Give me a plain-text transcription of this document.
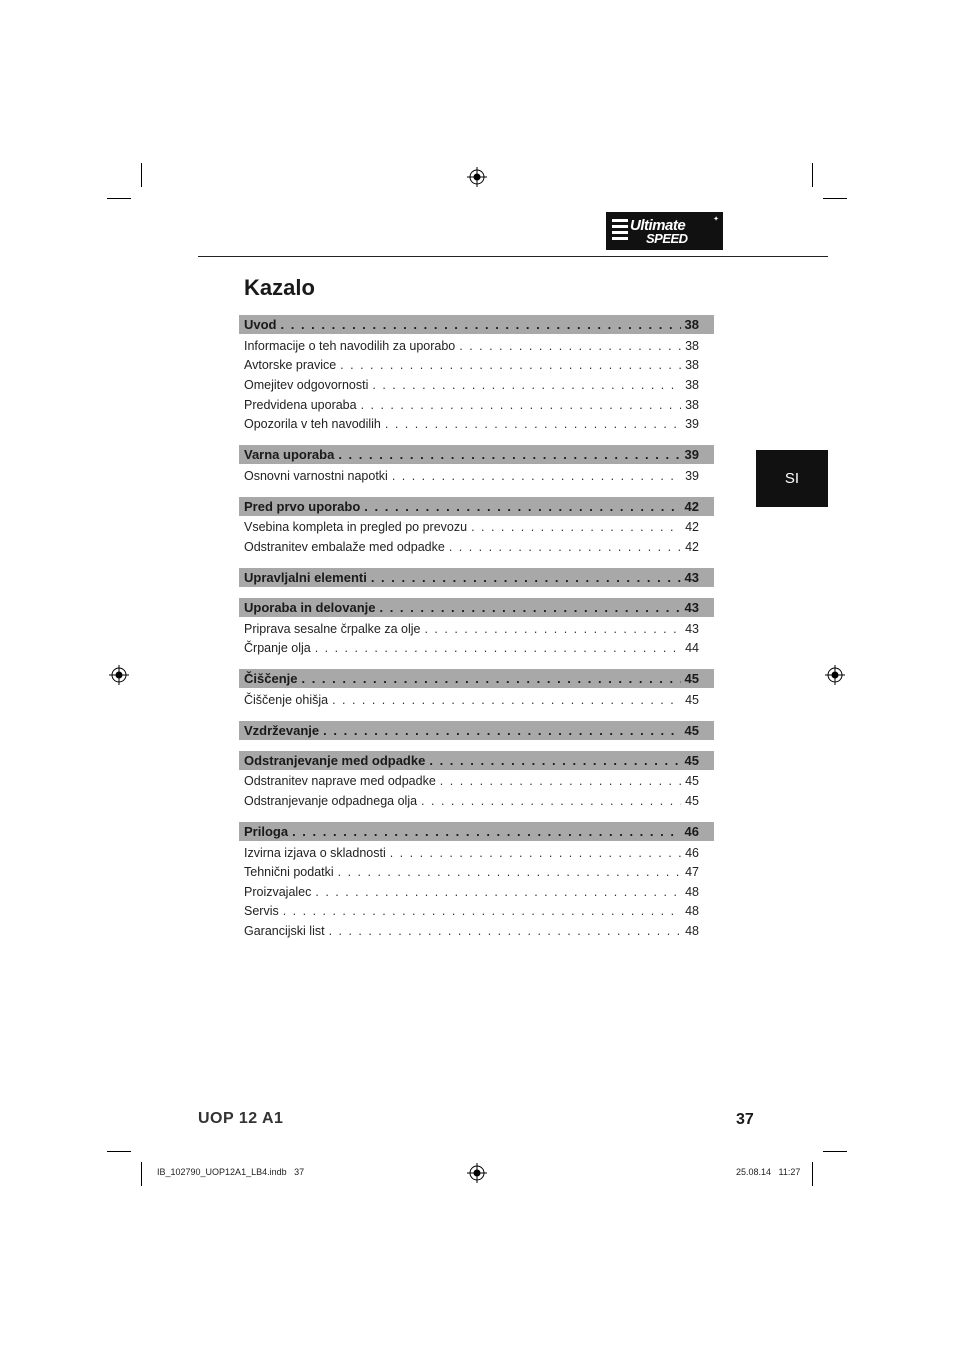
Ultimate
SPEED
✦
Kazalo
Uvod . . .	38
Informacije o teh navodilih za uporabo . . .	38
Avtorske pravice . . .	38
Omejitev odgovornosti . . .	38
Predvidena uporaba . . .	38
Opozorila v teh navodilih . . .	39
Varna uporaba . . .	39
Osnovni varnostni napotki . . .	39
Pred prvo uporabo . . .	42
Vsebina kompleta in pregled po prevozu . . .	42
Odstranitev embalaže med odpadke . . .	42
Upravljalni elementi . . .	43
Uporaba in delovanje . . .	43
Priprava sesalne črpalke za olje . . .	43
Črpanje olja . . .	44
Čiščenje . . .	45
Čiščenje ohišja . . .	45
Vzdrževanje . . .	45
Odstranjevanje med odpadke . . .	45
Odstranitev naprave med odpadke . . .	45
Odstranjevanje odpadnega olja . . .	45
Priloga . . .	46
Izvirna izjava o skladnosti . . .	46
Tehnični podatki . . .	47
Proizvajalec . . .	48
Servis . . .	48
Garancijski list . . .	48
SI
UOP 12 A1	37
IB_102790_UOP12A1_LB4.indb   37	25.08.14   11:27
